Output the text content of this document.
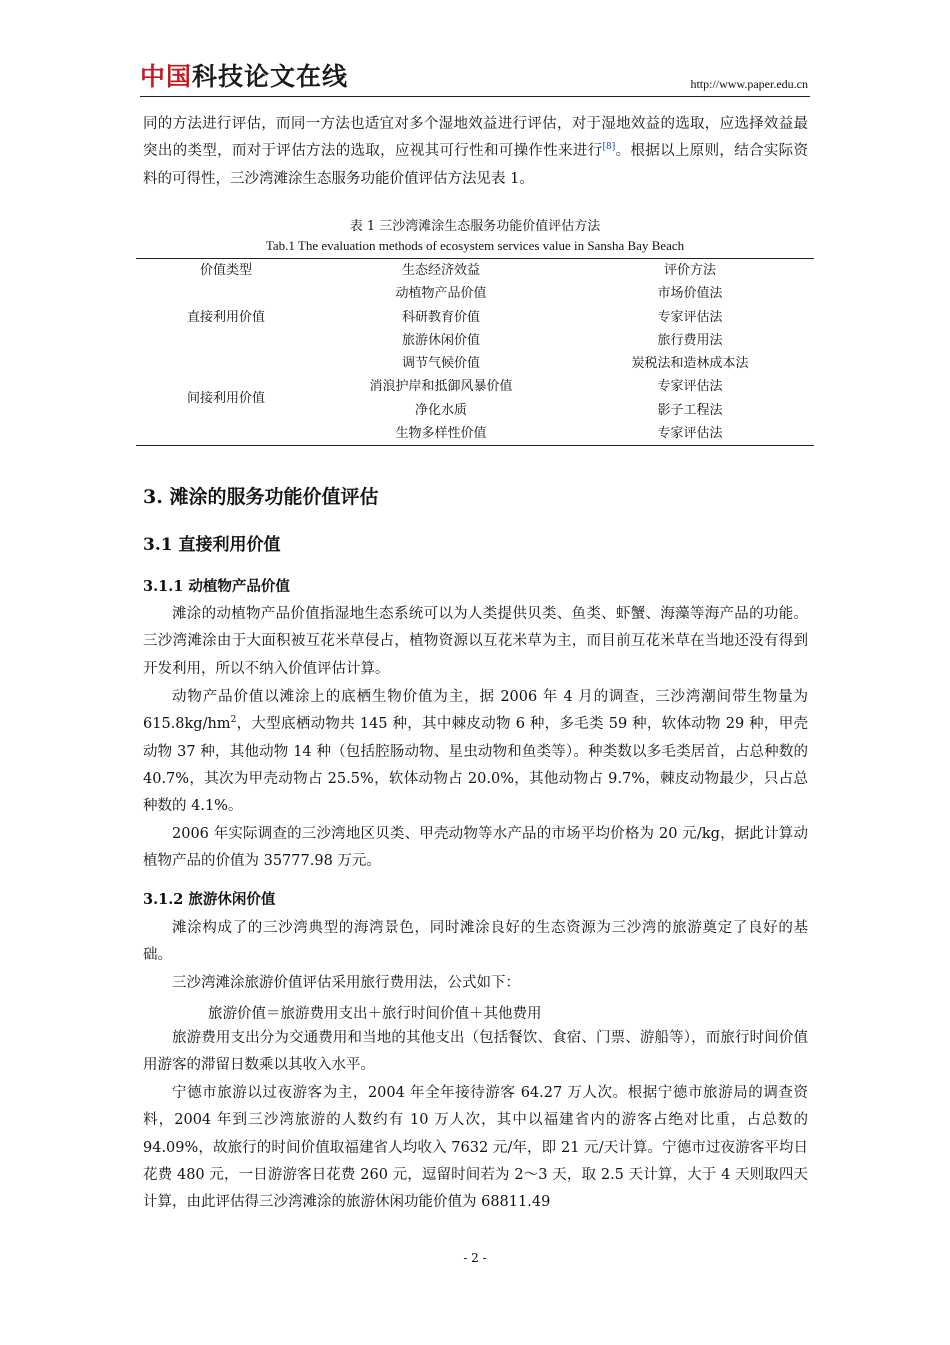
中国科技论文在线	http://www.paper.edu.cn

同的方法进行评估，而同一方法也适宜对多个湿地效益进行评估，对于湿地效益的选取，应选择效益最突出的类型，而对于评估方法的选取，应视其可行性和可操作性来进行[8]。根据以上原则，结合实际资料的可得性，三沙湾滩涂生态服务功能价值评估方法见表 1。

表 1 三沙湾滩涂生态服务功能价值评估方法

Tab.1 The evaluation methods of ecosystem services value in Sansha Bay Beach

价值类型	生态经济效益	评价方法
直接利用价值	动植物产品价值	市场价值法
	科研教育价值	专家评估法
	旅游休闲价值	旅行费用法
间接利用价值	调节气候价值	炭税法和造林成本法
	消浪护岸和抵御风暴价值	专家评估法
	净化水质	影子工程法
	生物多样性价值	专家评估法
3. 滩涂的服务功能价值评估
3.1 直接利用价值
3.1.1 动植物产品价值

滩涂的动植物产品价值指湿地生态系统可以为人类提供贝类、鱼类、虾蟹、海藻等海产品的功能。三沙湾滩涂由于大面积被互花米草侵占，植物资源以互花米草为主，而目前互花米草在当地还没有得到开发利用，所以不纳入价值评估计算。

动物产品价值以滩涂上的底栖生物价值为主，据 2006 年 4 月的调查，三沙湾潮间带生物量为 $615.8kg/hm^2$，大型底栖动物共 145 种，其中棘皮动物 6 种，多毛类 59 种，软体动物 29 种，甲壳动物 37 种，其他动物 14 种（包括腔肠动物、星虫动物和鱼类等）。种类数以多毛类居首，占总种数的 40.7%，其次为甲壳动物占 25.5%，软体动物占 20.0%，其他动物占 9.7%，棘皮动物最少，只占总种数的 4.1%。

2006 年实际调查的三沙湾地区贝类、甲壳动物等水产品的市场平均价格为 20 元/kg，据此计算动植物产品的价值为 35777.98 万元。

3.1.2 旅游休闲价值

滩涂构成了的三沙湾典型的海湾景色，同时滩涂良好的生态资源为三沙湾的旅游奠定了良好的基础。

三沙湾滩涂旅游价值评估采用旅行费用法，公式如下：

旅游价值＝旅游费用支出＋旅行时间价值＋其他费用

旅游费用支出分为交通费用和当地的其他支出（包括餐饮、食宿、门票、游船等），而旅行时间价值用游客的滞留日数乘以其收入水平。

宁德市旅游以过夜游客为主，2004 年全年接待游客 64.27 万人次。根据宁德市旅游局的调查资料，2004 年到三沙湾旅游的人数约有 10 万人次，其中以福建省内的游客占绝对比重，占总数的 94.09%，故旅行的时间价值取福建省人均收入 7632 元/年，即 21 元/天计算。宁德市过夜游客平均日花费 480 元，一日游游客日花费 260 元，逗留时间若为 2～3 天，取 2.5 天计算，大于 4 天则取四天计算，由此评估得三沙湾滩涂的旅游休闲功能价值为 68811.49

- 2 -
